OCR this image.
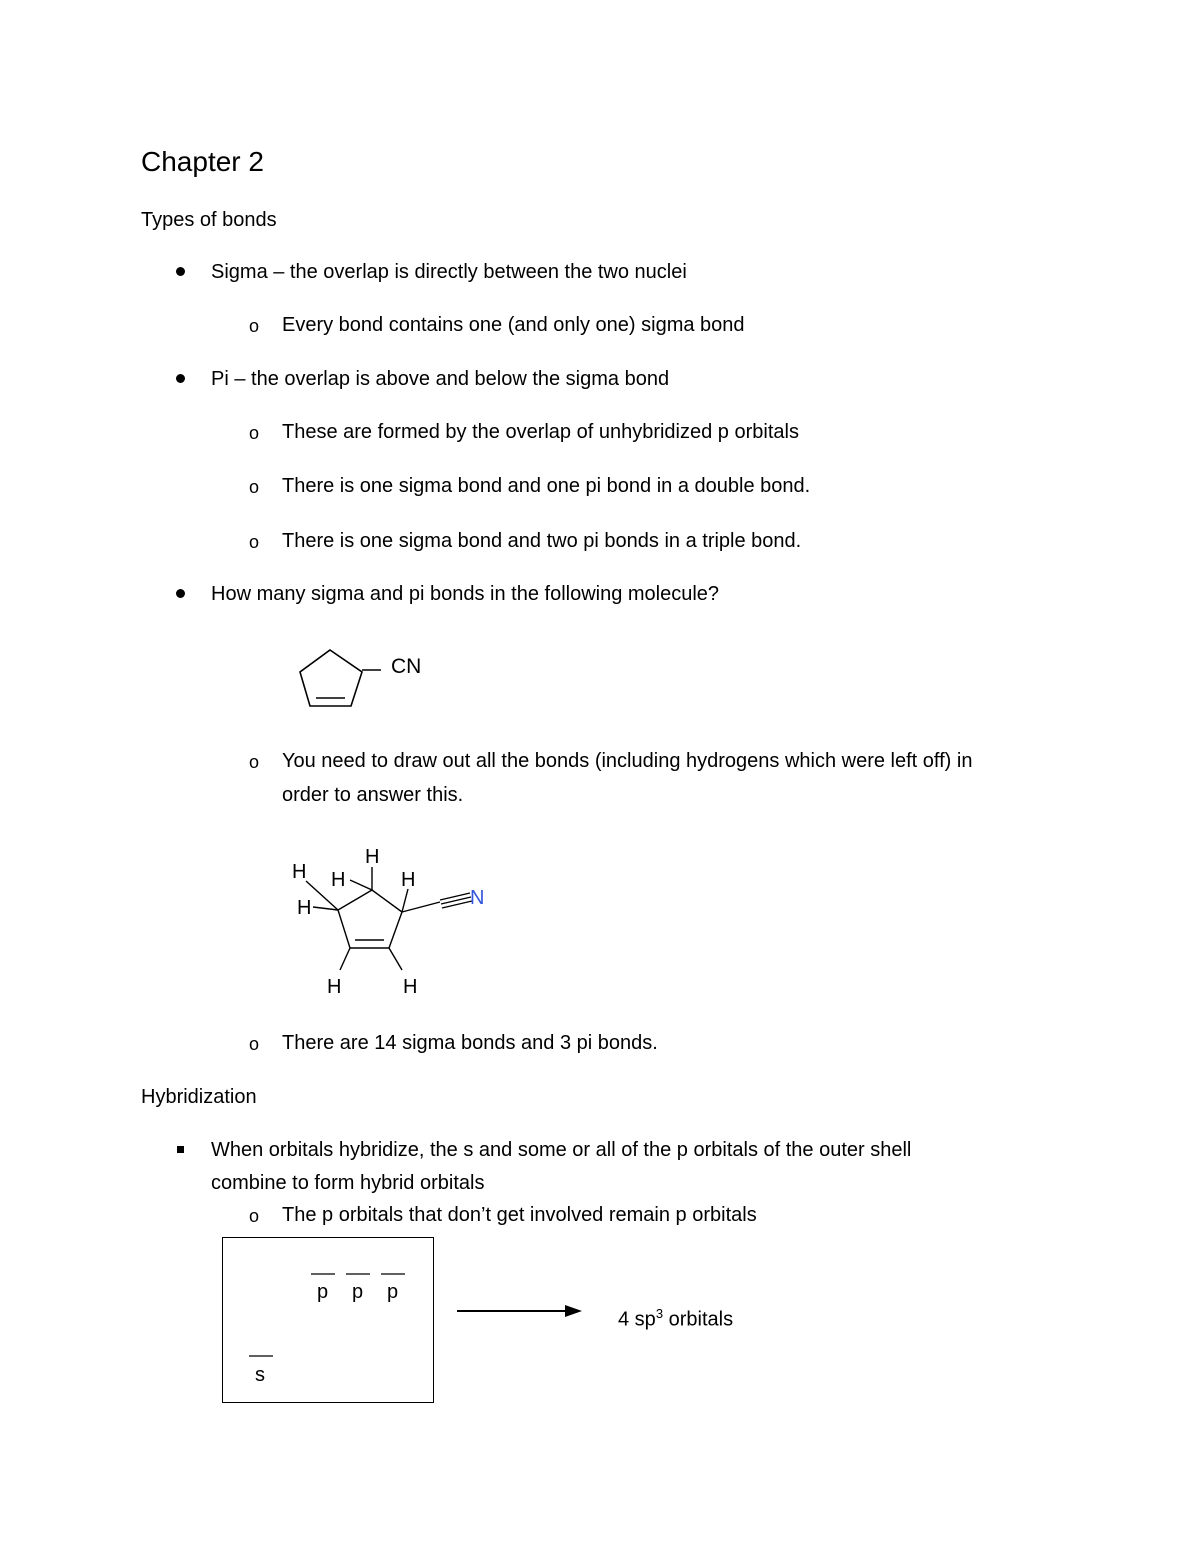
Chapter 2
Types of bonds
Sigma – the overlap is directly between the two nuclei
o Every bond contains one (and only one) sigma bond
Pi – the overlap is above and below the sigma bond
o These are formed by the overlap of unhybridized p orbitals
o There is one sigma bond and one pi bond in a double bond.
o There is one sigma bond and two pi bonds in a triple bond.
How many sigma and pi bonds in the following molecule?
CN
o You need to draw out all the bonds (including hydrogens which were left off) in
order to answer this.
H
H H	H
H
H	H
N
o There are 14 sigma bonds and 3 pi bonds.
Hybridization
When orbitals hybridize, the s and some or all of the p orbitals of the outer shell
combine to form hybrid orbitals
o The p orbitals that don’t get involved remain p orbitals
p p p
s
4 $sp^3$ orbitals
